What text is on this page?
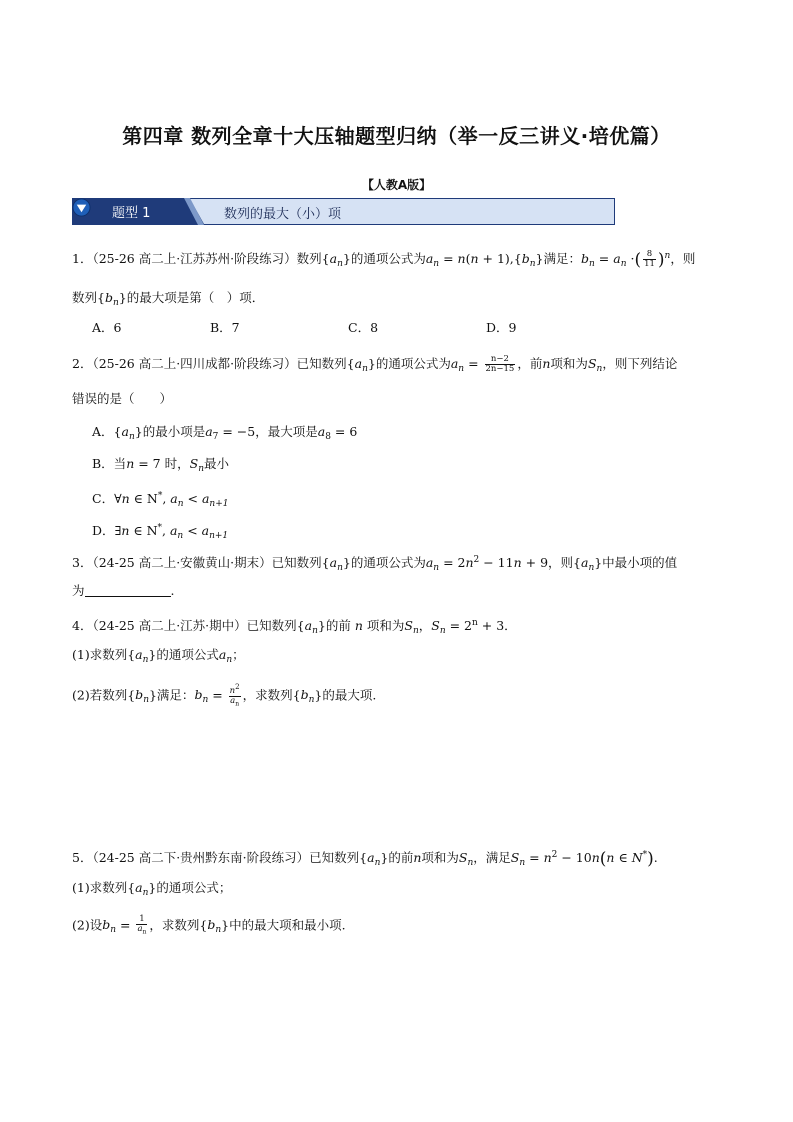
第四章 数列全章十大压轴题型归纳（举一反三讲义·培优篇）
【人教A版】
题型 1	数列的最大（小）项
1．（25-26 高二上·江苏苏州·阶段练习）数列$\{a_n\}$的通项公式为$a_n = n(n + 1),\{b_n\}$满足：$b_n = a_n$ ·( $\frac{8}{11} )^n$，则
数列$\{b_n\}$的最大项是第（　）项．
A．6	B．7	C．8	D．9
2．（25-26 高二上·四川成都·阶段练习）已知数列$\{a_n\}$的通项公式为$a_n = \frac{n-2}{2n-15}$ ，前n项和为$S_n$，则下列结论
错误的是（　　）
A．$\{a_n\}$的最小项是$a_7 = -5$，最大项是$a_8 = 6$
B．当n = 7 时，$S_n$最小
C．∀n ∈ N*, $a_n < a_{n+1}$
D．∃n ∈ N*, $a_n < a_{n+1}$
3．（24-25 高二上·安徽黄山·期末）已知数列$\{a_n\}$的通项公式为$a_n = 2n^2 - 11n + 9$，则$\{a_n\}$中最小项的值
为	.
4．（24-25 高二上·江苏·期中）已知数列$\{a_n\}$的前 n 项和为$S_n$，$S_n = 2^n + 3$．
(1)求数列$\{a_n\}$的通项公式$a_n$；
(2)若数列$\{b_n\}$满足：$b_n = \frac{n^2}{a_n}$ ，求数列$\{b_n\}$的最大项.
5．（24-25 高二下·贵州黔东南·阶段练习）已知数列$\{a_n\}$的前n项和为$S_n$，满足$S_n = n^2 - 10n(n$ ∈ N*).
(1)求数列$\{a_n\}$的通项公式；
(2)设$b_n = \frac{1}{a_n}$ ，求数列$\{b_n\}$中的最大项和最小项.
